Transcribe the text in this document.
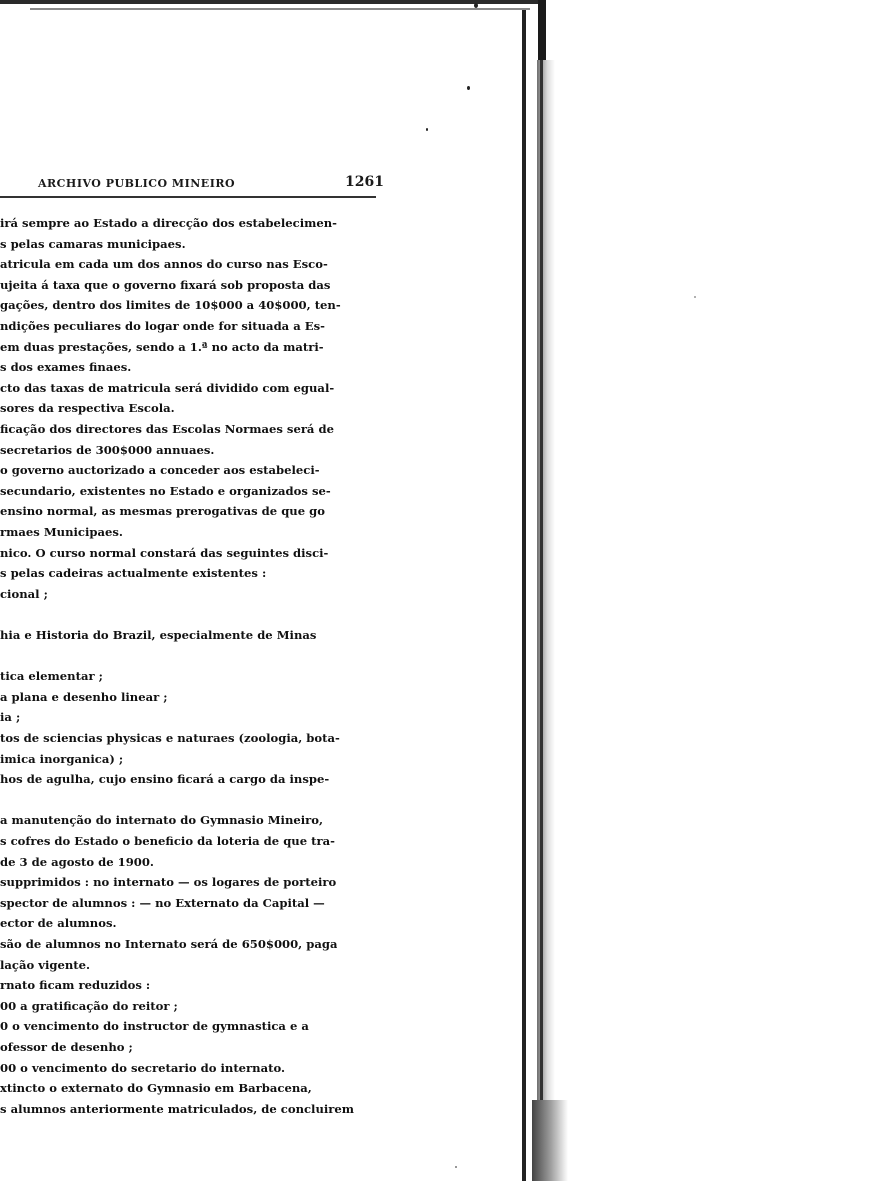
ARCHIVO PUBLICO MINEIRO	1261
irá sempre ao Estado a direcção dos estabelecimen-
s pelas camaras municipaes.
atricula em cada um dos annos do curso nas Esco-
ujeita á taxa que o governo fixará sob proposta das
gações, dentro dos limites de 10$000 a 40$000, ten-
ndições peculiares do logar onde for situada a Es-
em duas prestações, sendo a 1.ª no acto da matri-
s dos exames finaes.
cto das taxas de matricula será dividido com egual-
sores da respectiva Escola.
ficação dos directores das Escolas Normaes será de
secretarios de 300$000 annuaes.
o governo auctorizado a conceder aos estabeleci-
secundario, existentes no Estado e organizados se-
ensino normal, as mesmas prerogativas de que go
rmaes Municipaes.
nico. O curso normal constará das seguintes disci-
s pelas cadeiras actualmente existentes :
cional ;
hia e Historia do Brazil, especialmente de Minas
tica elementar ;
a plana e desenho linear ;
ia ;
tos de sciencias physicas e naturaes (zoologia, bota-
imica inorganica) ;
hos de agulha, cujo ensino ficará a cargo da inspe-
a manutenção do internato do Gymnasio Mineiro,
s cofres do Estado o beneficio da loteria de que tra-
de 3 de agosto de 1900.
supprimidos : no internato — os logares de porteiro
spector de alumnos : — no Externato da Capital —
ector de alumnos.
são de alumnos no Internato será de 650$000, paga
lação vigente.
rnato ficam reduzidos :
00 a gratificação do reitor ;
0 o vencimento do instructor de gymnastica e a
ofessor de desenho ;
00 o vencimento do secretario do internato.
xtincto o externato do Gymnasio em Barbacena,
s alumnos anteriormente matriculados, de concluirem
